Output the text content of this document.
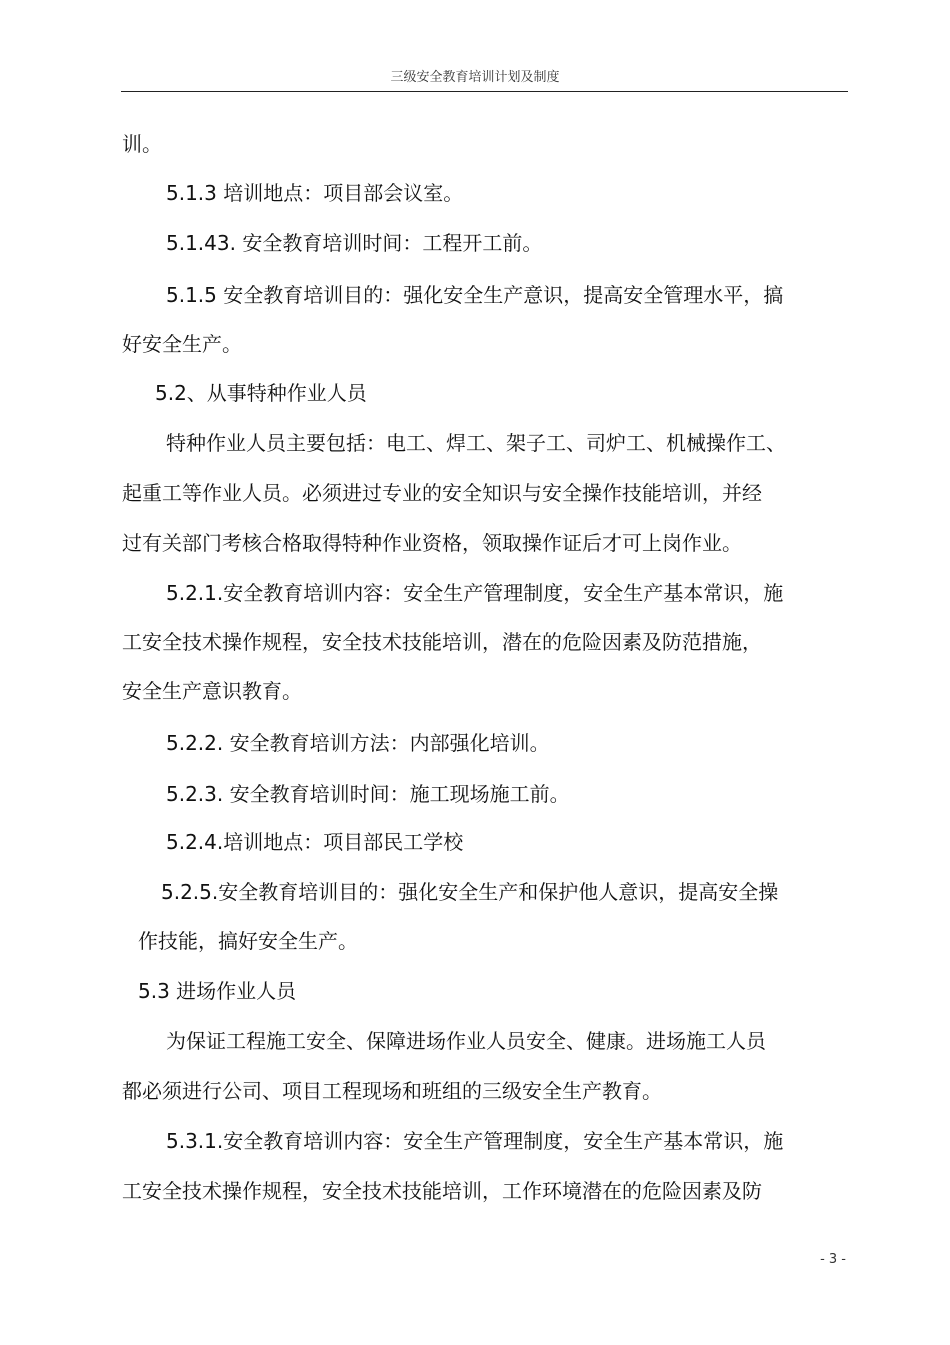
三级安全教育培训计划及制度
训。
5.1.3 培训地点：项目部会议室。
5.1.43. 安全教育培训时间：工程开工前。
5.1.5 安全教育培训目的：强化安全生产意识，提高安全管理水平，搞
好安全生产。
5.2、从事特种作业人员
特种作业人员主要包括：电工、焊工、架子工、司炉工、机械操作工、
起重工等作业人员。必须进过专业的安全知识与安全操作技能培训，并经
过有关部门考核合格取得特种作业资格，领取操作证后才可上岗作业。
5.2.1.安全教育培训内容：安全生产管理制度，安全生产基本常识，施
工安全技术操作规程，安全技术技能培训，潜在的危险因素及防范措施，
安全生产意识教育。
5.2.2. 安全教育培训方法：内部强化培训。
5.2.3. 安全教育培训时间：施工现场施工前。
5.2.4.培训地点：项目部民工学校
5.2.5.安全教育培训目的：强化安全生产和保护他人意识，提高安全操
作技能，搞好安全生产。
5.3 进场作业人员
为保证工程施工安全、保障进场作业人员安全、健康。进场施工人员
都必须进行公司、项目工程现场和班组的三级安全生产教育。
5.3.1.安全教育培训内容：安全生产管理制度，安全生产基本常识，施
工安全技术操作规程，安全技术技能培训，工作环境潜在的危险因素及防
- 3 -
